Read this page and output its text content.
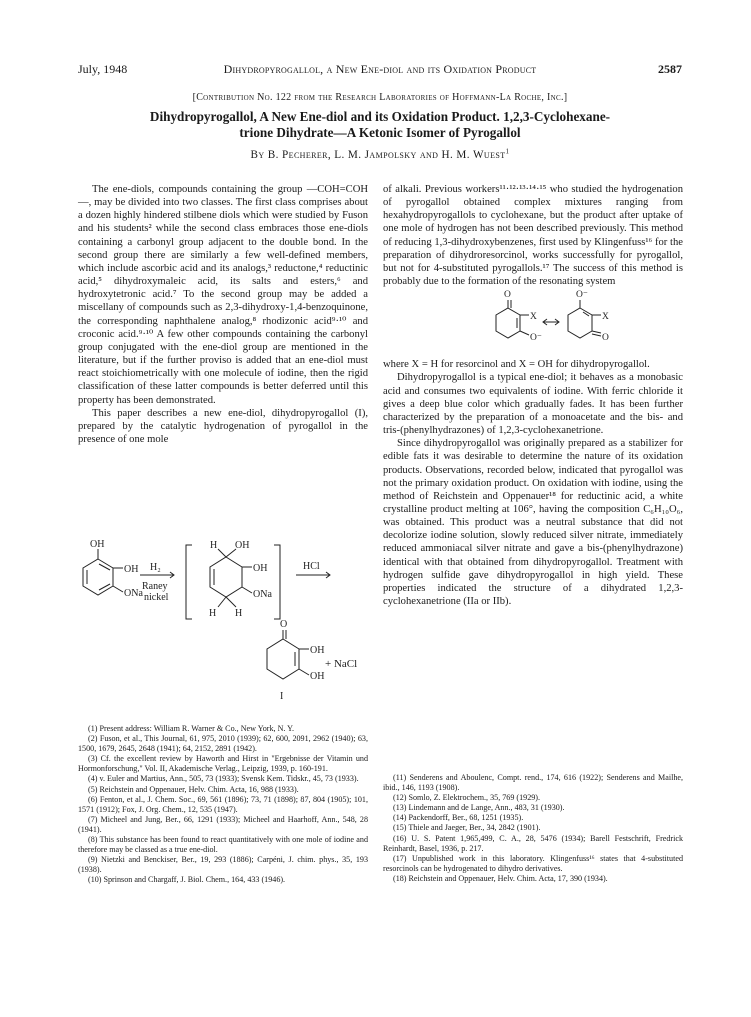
July, 1948	Dihydropyrogallol, a New Ene-diol and its Oxidation Product	2587
[Contribution No. 122 from the Research Laboratories of Hoffmann-La Roche, Inc.]
Dihydropyrogallol, A New Ene-diol and its Oxidation Product. 1,2,3-Cyclohexane-
trione Dihydrate—A Ketonic Isomer of Pyrogallol
By B. Pecherer, L. M. Jampolsky and H. M. Wuest$^1$

The ene-diols, compounds containing the group —COH=COH—, may be divided into two classes. The first class comprises about a dozen highly hindered stilbene diols which were studied by Fuson and his students² while the second class embraces those ene-diols containing a carbonyl group adjacent to the double bond. In the second group there are similarly a few well-defined members, which include ascorbic acid and its analogs,³ reductone,⁴ reductinic acid,⁵ dihydroxymaleic acid, its salts and esters,⁶ and hydroxytetronic acid.⁷ To the second group may be added a miscellany of compounds such as 2,3-dihydroxy-1,4-benzoquinone, the corresponding naphthalene analog,⁸ rhodizonic acid⁹·¹⁰ and croconic acid.⁹·¹⁰ A few other compounds containing the carbonyl group conjugated with the ene-diol group are mentioned in the literature, but if the further proviso is added that an ene-diol must react stoichiometrically with one molecule of iodine, then the rigid classification of these latter compounds is better deferred until this property has been demonstrated.

This paper describes a new ene-diol, dihydropyrogallol (I), prepared by the catalytic hydrogenation of pyrogallol in the presence of one mole

OH
OH
ONa
H₂
Raney
nickel
H OH
OH
ONa
H H
HCl
O
OH
OH
+ NaCl
I

(1) Present address: William R. Warner & Co., New York, N. Y.

(2) Fuson, et al., This Journal, 61, 975, 2010 (1939); 62, 600, 2091, 2962 (1940); 63, 1500, 1679, 2645, 2648 (1941); 64, 2152, 2891 (1942).

(3) Cf. the excellent review by Haworth and Hirst in "Ergebnisse der Vitamin und Hormonforschung," Vol. II, Akademische Verlag., Leipzig, 1939, p. 160-191.

(4) v. Euler and Martius, Ann., 505, 73 (1933); Svensk Kem. Tidskr., 45, 73 (1933).

(5) Reichstein and Oppenauer, Helv. Chim. Acta, 16, 988 (1933).

(6) Fenton, et al., J. Chem. Soc., 69, 561 (1896); 73, 71 (1898); 87, 804 (1905); 101, 1571 (1912); Fox, J. Org. Chem., 12, 535 (1947).

(7) Micheel and Jung, Ber., 66, 1291 (1933); Micheel and Haarhoff, Ann., 548, 28 (1941).

(8) This substance has been found to react quantitatively with one mole of iodine and therefore may be classed as a true ene-diol.

(9) Nietzki and Benckiser, Ber., 19, 293 (1886); Carpéni, J. chim. phys., 35, 193 (1938).

(10) Sprinson and Chargaff, J. Biol. Chem., 164, 433 (1946).

of alkali. Previous workers¹¹·¹²·¹³·¹⁴·¹⁵ who studied the hydrogenation of pyrogallol obtained complex mixtures ranging from hexahydropyrogallols to cyclohexane, but the product after uptake of one mole of hydrogen has not been described previously. This method of reducing 1,3-dihydroxybenzenes, first used by Klingenfuss¹⁶ for the preparation of dihydroresorcinol, works successfully for pyrogallol, but not for 4-substituted pyrogallols.¹⁷ The success of this method is probably due to the formation of the resonating system

O	O⁻
X	X
O⁻	O

where X = H for resorcinol and X = OH for dihydropyrogallol.

Dihydropyrogallol is a typical ene-diol; it behaves as a monobasic acid and consumes two equivalents of iodine. With ferric chloride it gives a deep blue color which gradually fades. It has been further characterized by the preparation of a monoacetate and the bis- and tris-(phenylhydrazones) of 1,2,3-cyclohexanetrione.

Since dihydropyrogallol was originally prepared as a stabilizer for edible fats it was desirable to determine the nature of its oxidation products. Observations, recorded below, indicated that pyrogallol was not the primary oxidation product. On oxidation with iodine, using the method of Reichstein and Oppenauer¹⁸ for reductinic acid, a white crystalline product melting at 106°, having the composition C₆H₁₀O₆, was obtained. This product was a neutral substance that did not decolorize iodine solution, slowly reduced silver nitrate, immediately reduced ammoniacal silver nitrate and gave a bis-(phenylhydrazone) identical with that obtained from dihydropyrogallol. Treatment with hydrogen sulfide gave dihydropyrogallol in high yield. These properties indicated the structure of a dihydrated 1,2,3-cyclohexanetrione (IIa or IIb).

(11) Senderens and Aboulenc, Compt. rend., 174, 616 (1922); Senderens and Mailhe, ibid., 146, 1193 (1908).

(12) Somlo, Z. Elektrochem., 35, 769 (1929).

(13) Lindemann and de Lange, Ann., 483, 31 (1930).

(14) Packendorff, Ber., 68, 1251 (1935).

(15) Thiele and Jaeger, Ber., 34, 2842 (1901).

(16) U. S. Patent 1,965,499, C. A., 28, 5476 (1934); Barell Festschrift, Fredrick Reinhardt, Basel, 1936, p. 217.

(17) Unpublished work in this laboratory. Klingenfuss¹⁶ states that 4-substituted resorcinols can be hydrogenated to dihydro derivatives.

(18) Reichstein and Oppenauer, Helv. Chim. Acta, 17, 390 (1934).
